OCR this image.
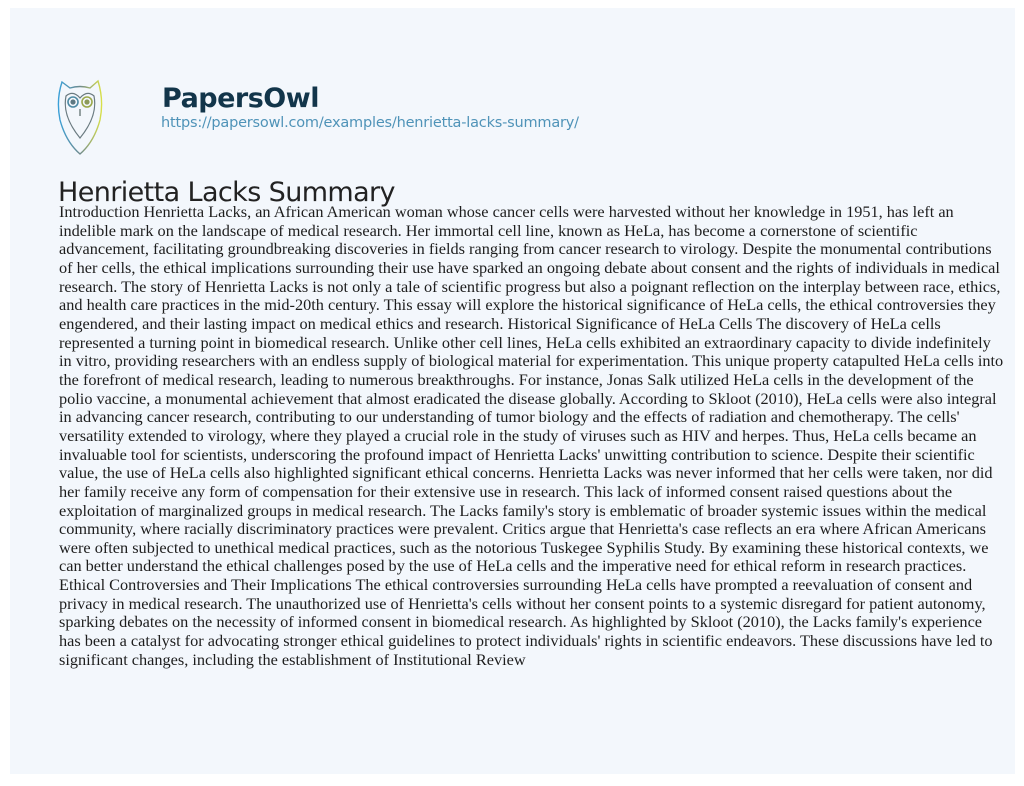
PapersOwl
https://papersowl.com/examples/henrietta-lacks-summary/
Henrietta Lacks Summary
Introduction Henrietta Lacks, an African American woman whose cancer cells were harvested without her knowledge in 1951, has left an
indelible mark on the landscape of medical research. Her immortal cell line, known as HeLa, has become a cornerstone of scientific
advancement, facilitating groundbreaking discoveries in fields ranging from cancer research to virology. Despite the monumental contributions
of her cells, the ethical implications surrounding their use have sparked an ongoing debate about consent and the rights of individuals in medical
research. The story of Henrietta Lacks is not only a tale of scientific progress but also a poignant reflection on the interplay between race, ethics,
and health care practices in the mid-20th century. This essay will explore the historical significance of HeLa cells, the ethical controversies they
engendered, and their lasting impact on medical ethics and research. Historical Significance of HeLa Cells The discovery of HeLa cells
represented a turning point in biomedical research. Unlike other cell lines, HeLa cells exhibited an extraordinary capacity to divide indefinitely
in vitro, providing researchers with an endless supply of biological material for experimentation. This unique property catapulted HeLa cells into
the forefront of medical research, leading to numerous breakthroughs. For instance, Jonas Salk utilized HeLa cells in the development of the
polio vaccine, a monumental achievement that almost eradicated the disease globally. According to Skloot (2010), HeLa cells were also integral
in advancing cancer research, contributing to our understanding of tumor biology and the effects of radiation and chemotherapy. The cells'
versatility extended to virology, where they played a crucial role in the study of viruses such as HIV and herpes. Thus, HeLa cells became an
invaluable tool for scientists, underscoring the profound impact of Henrietta Lacks' unwitting contribution to science. Despite their scientific
value, the use of HeLa cells also highlighted significant ethical concerns. Henrietta Lacks was never informed that her cells were taken, nor did
her family receive any form of compensation for their extensive use in research. This lack of informed consent raised questions about the
exploitation of marginalized groups in medical research. The Lacks family's story is emblematic of broader systemic issues within the medical
community, where racially discriminatory practices were prevalent. Critics argue that Henrietta's case reflects an era where African Americans
were often subjected to unethical medical practices, such as the notorious Tuskegee Syphilis Study. By examining these historical contexts, we
can better understand the ethical challenges posed by the use of HeLa cells and the imperative need for ethical reform in research practices.
Ethical Controversies and Their Implications The ethical controversies surrounding HeLa cells have prompted a reevaluation of consent and
privacy in medical research. The unauthorized use of Henrietta's cells without her consent points to a systemic disregard for patient autonomy,
sparking debates on the necessity of informed consent in biomedical research. As highlighted by Skloot (2010), the Lacks family's experience
has been a catalyst for advocating stronger ethical guidelines to protect individuals' rights in scientific endeavors. These discussions have led to
significant changes, including the establishment of Institutional Review
